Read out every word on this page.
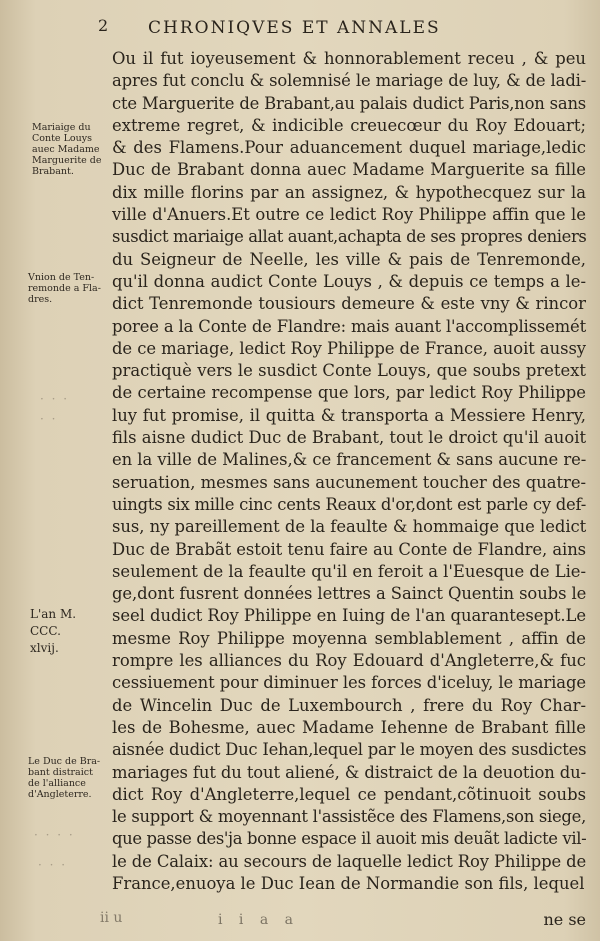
2 CHRONIQVES ET ANNALES
Mariaige du
Conte Louys
auec Madame
Marguerite de
Brabant.
Vnion de Ten-
remonde a Fla-
dres.
L'an M.
CCC.
xlvij.
Le Duc de Bra-
bant distraict
de l'alliance
d'Angleterre.
· · ·
· ·
· · · ·
· · ·
Ou il fut ioyeusement & honnorablement receu , & peu
apres fut conclu & solemnisé le mariage de luy, & de ladi-
cte Marguerite de Brabant,au palais dudict Paris,non sans
extreme regret, & indicible creuecœur du Roy Edouart;
& des Flamens.Pour aduancement duquel mariage,ledic
Duc de Brabant donna auec Madame Marguerite sa fille
dix mille florins par an assignez, & hypothecquez sur la
ville d'Anuers.Et outre ce ledict Roy Philippe affin que le
susdict mariaige allat auant,achapta de ses propres deniers
du Seigneur de Neelle, les ville & pais de Tenremonde,
qu'il donna audict Conte Louys , & depuis ce temps a le-
dict Tenremonde tousiours demeure & este vny & rincor
poree a la Conte de Flandre: mais auant l'accomplissemét
de ce mariage, ledict Roy Philippe de France, auoit aussy
practiquè vers le susdict Conte Louys, que soubs pretext
de certaine recompense que lors, par ledict Roy Philippe
luy fut promise, il quitta & transporta a Messiere Henry,
fils aisne dudict Duc de Brabant, tout le droict qu'il auoit
en la ville de Malines,& ce francement & sans aucune re-
seruation, mesmes sans aucunement toucher des quatre-
uingts six mille cinc cents Reaux d'or,dont est parle cy def-
sus, ny pareillement de la feaulte & hommaige que ledict
Duc de Brabãt estoit tenu faire au Conte de Flandre, ains
seulement de la feaulte qu'il en feroit a l'Euesque de Lie-
ge,dont fusrent données lettres a Sainct Quentin soubs le
seel dudict Roy Philippe en Iuing de l'an quarantesept.Le
mesme Roy Philippe moyenna semblablement , affin de
rompre les alliances du Roy Edouard d'Angleterre,& fuc
cessiuement pour diminuer les forces d'iceluy, le mariage
de Wincelin Duc de Luxembourch , frere du Roy Char-
les de Bohesme, auec Madame Iehenne de Brabant fille
aisnée dudict Duc Iehan,lequel par le moyen des susdictes
mariages fut du tout aliené, & distraict de la deuotion du-
dict Roy d'Angleterre,lequel ce pendant,cõtinuoit soubs
le support & moyennant l'assistẽce des Flamens,son siege,
que passe des'ja bonne espace il auoit mis deuãt ladicte vil-
le de Calaix: au secours de laquelle ledict Roy Philippe de
France,enuoya le Duc Iean de Normandie son fils, lequel
ii u	i i a a	ne se
